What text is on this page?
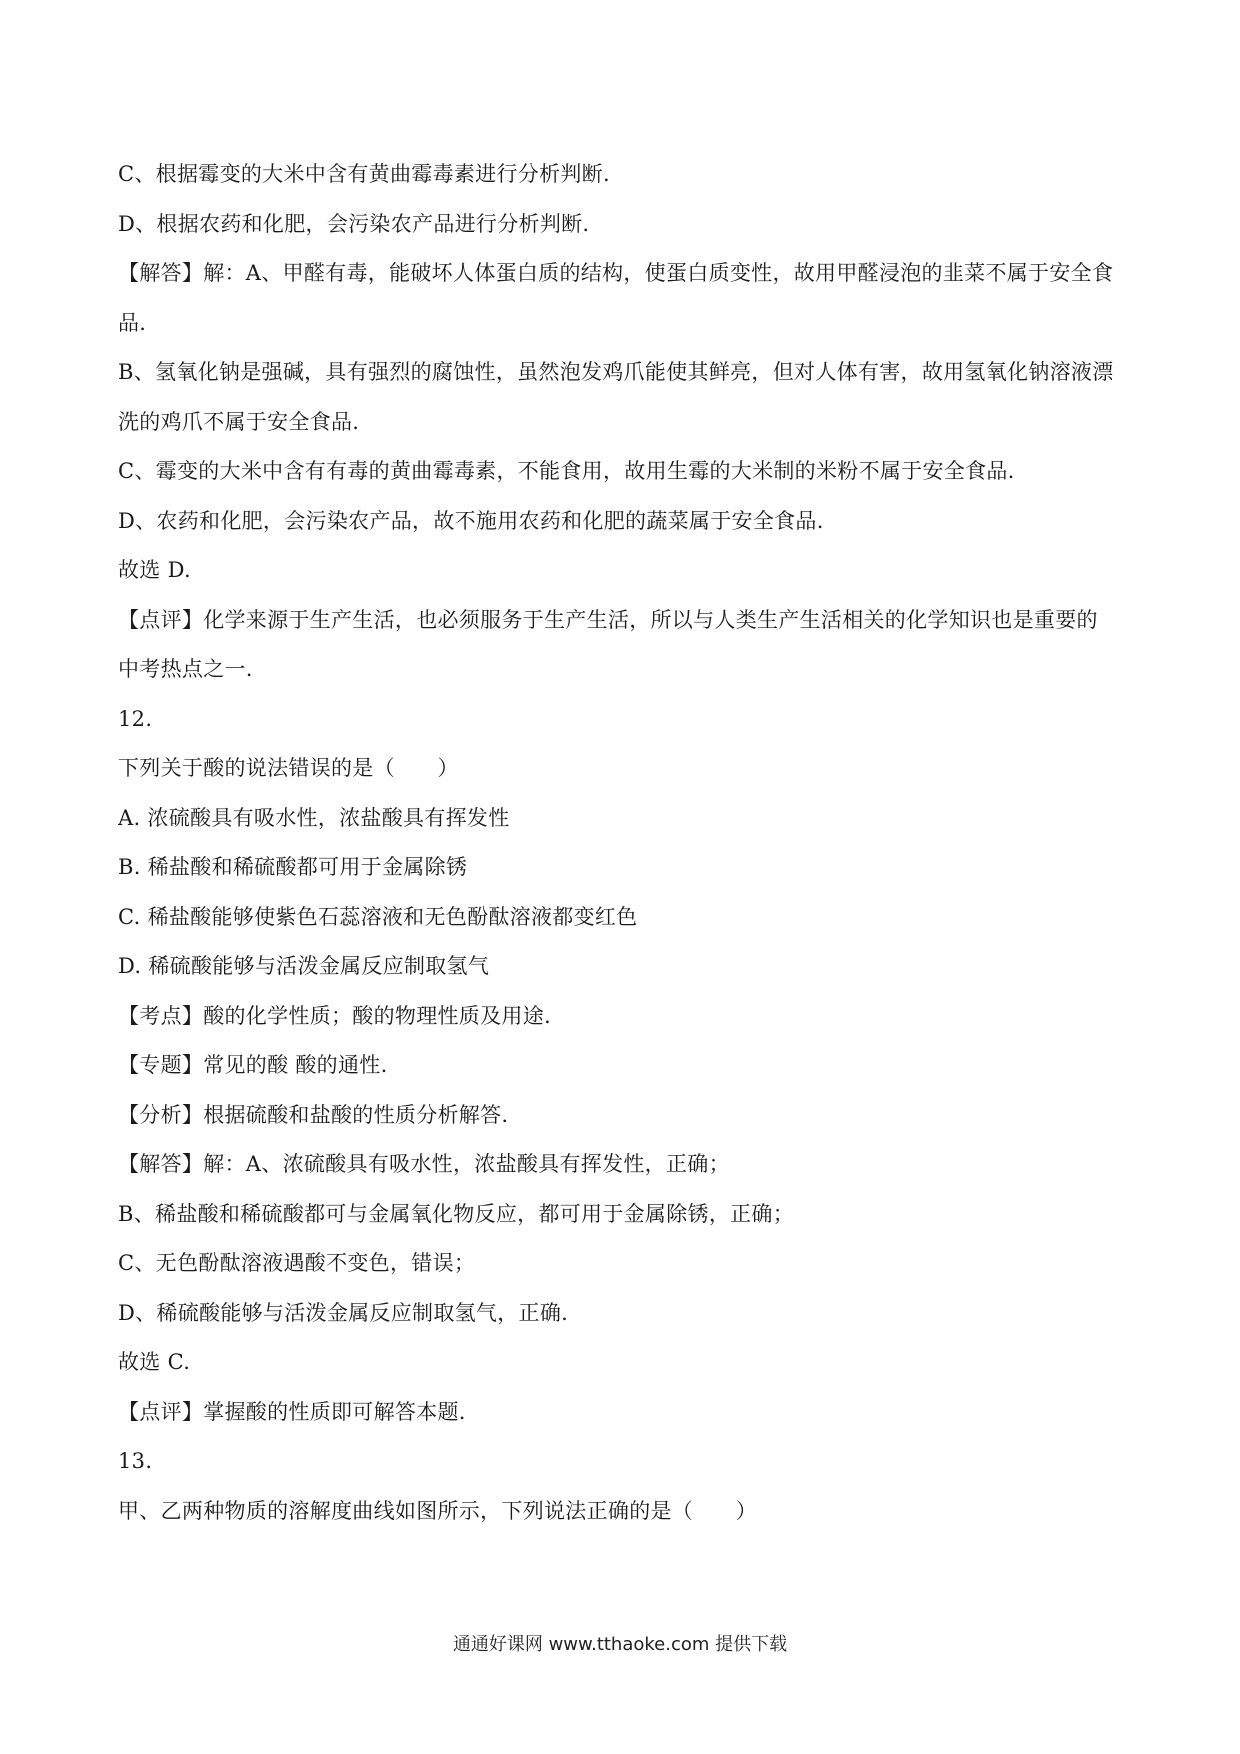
C、根据霉变的大米中含有黄曲霉毒素进行分析判断.
D、根据农药和化肥，会污染农产品进行分析判断.
【解答】解：A、甲醛有毒，能破坏人体蛋白质的结构，使蛋白质变性，故用甲醛浸泡的韭菜不属于安全食
品.
B、氢氧化钠是强碱，具有强烈的腐蚀性，虽然泡发鸡爪能使其鲜亮，但对人体有害，故用氢氧化钠溶液漂
洗的鸡爪不属于安全食品.
C、霉变的大米中含有有毒的黄曲霉毒素，不能食用，故用生霉的大米制的米粉不属于安全食品.
D、农药和化肥，会污染农产品，故不施用农药和化肥的蔬菜属于安全食品.
故选 D.
【点评】化学来源于生产生活，也必须服务于生产生活，所以与人类生产生活相关的化学知识也是重要的
中考热点之一.
12.
下列关于酸的说法错误的是（　　）
A. 浓硫酸具有吸水性，浓盐酸具有挥发性
B. 稀盐酸和稀硫酸都可用于金属除锈
C. 稀盐酸能够使紫色石蕊溶液和无色酚酞溶液都变红色
D. 稀硫酸能够与活泼金属反应制取氢气
【考点】酸的化学性质；酸的物理性质及用途.
【专题】常见的酸 酸的通性.
【分析】根据硫酸和盐酸的性质分析解答.
【解答】解：A、浓硫酸具有吸水性，浓盐酸具有挥发性，正确；
B、稀盐酸和稀硫酸都可与金属氧化物反应，都可用于金属除锈，正确；
C、无色酚酞溶液遇酸不变色，错误；
D、稀硫酸能够与活泼金属反应制取氢气，正确.
故选 C.
【点评】掌握酸的性质即可解答本题.
13.
甲、乙两种物质的溶解度曲线如图所示，下列说法正确的是（　　）
通通好课网 www.tthaoke.com 提供下载
